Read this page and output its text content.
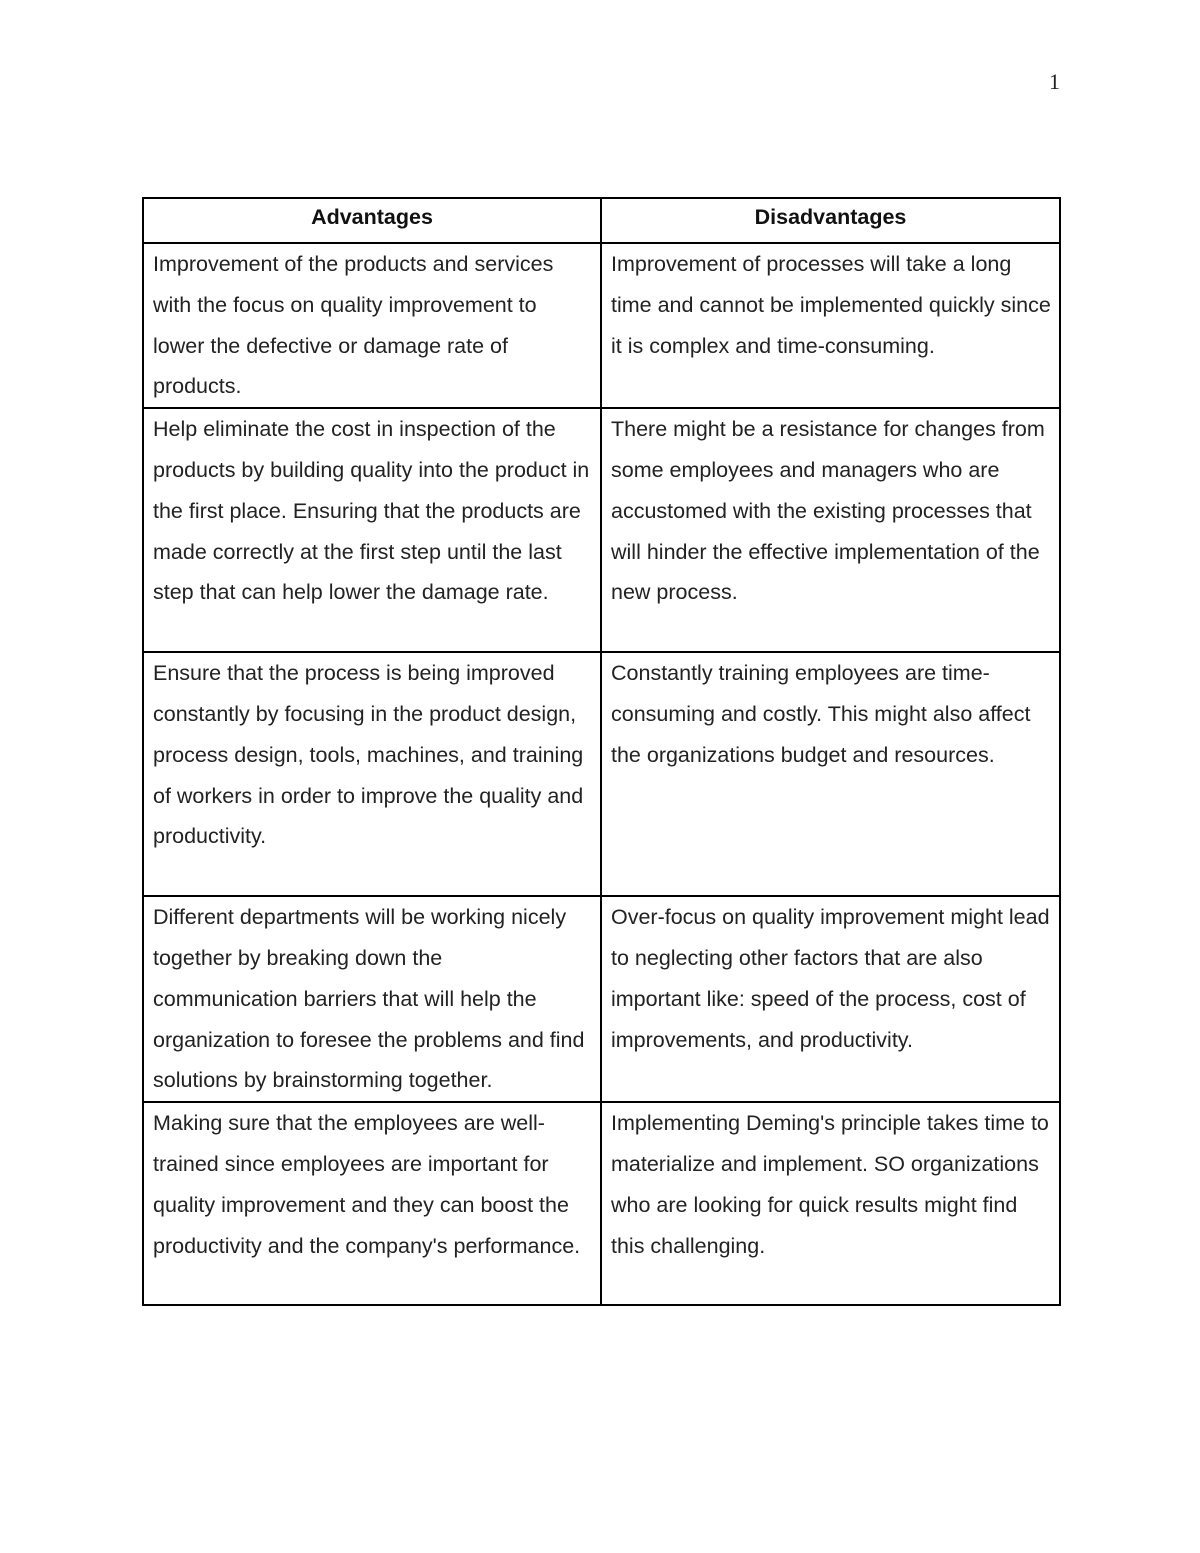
1
Advantages	Disadvantages
Improvement of the products and services with the focus on quality improvement to lower the defective or damage rate of products.	Improvement of processes will take a long time and cannot be implemented quickly since it is complex and time-consuming.
Help eliminate the cost in inspection of the products by building quality into the product in the first place. Ensuring that the products are made correctly at the first step until the last step that can help lower the damage rate.	There might be a resistance for changes from some employees and managers who are accustomed with the existing processes that will hinder the effective implementation of the new process.
Ensure that the process is being improved constantly by focusing in the product design, process design, tools, machines, and training of workers in order to improve the quality and productivity.	Constantly training employees are time-consuming and costly. This might also affect the organizations budget and resources.
Different departments will be working nicely together by breaking down the communication barriers that will help the organization to foresee the problems and find solutions by brainstorming together.	Over-focus on quality improvement might lead to neglecting other factors that are also important like: speed of the process, cost of improvements, and productivity.
Making sure that the employees are well-trained since employees are important for quality improvement and they can boost the productivity and the company's performance.	Implementing Deming's principle takes time to materialize and implement. SO organizations who are looking for quick results might find this challenging.
